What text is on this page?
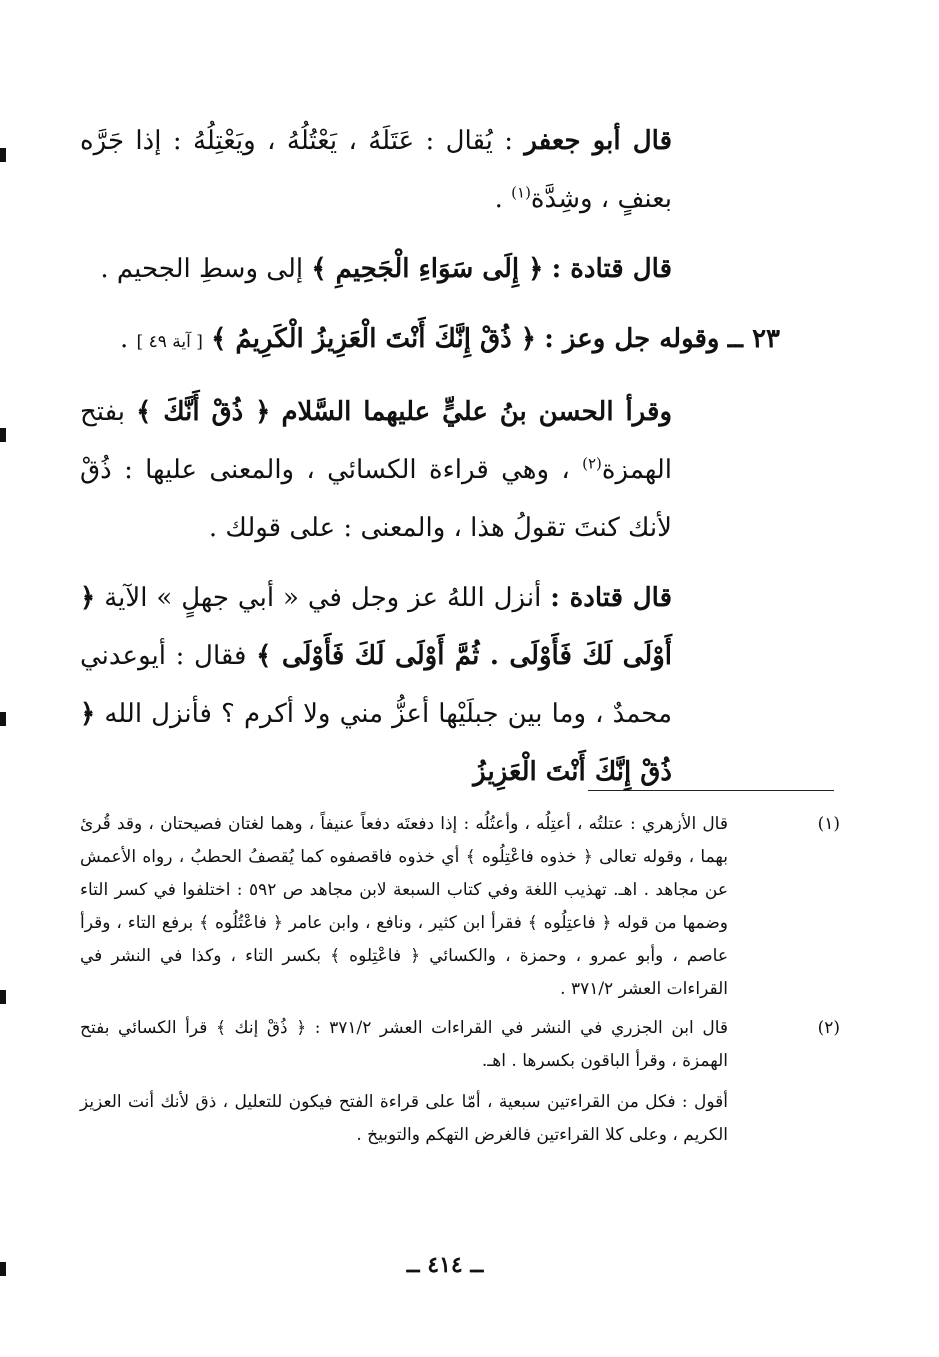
قال أبو جعفر : يُقال : عَتَلَهُ ، يَعْتُلُهُ ، ويَعْتِلُهُ : إذا جَرَّه بعنفٍ ، وشِدَّة$^{(١)}$ .

قال قتادة : ﴿ إِلَى سَوَاءِ الْجَحِيمِ ﴾ إلى وسطِ الجحيم .

٢٣ ــ وقوله جل وعز : ﴿ ذُقْ إِنَّكَ أَنْتَ الْعَزِيزُ الْكَرِيمُ ﴾ [ آية ٤٩ ] .

وقرأ الحسن بنُ عليٍّ عليهما السَّلام ﴿ ذُقْ أَنَّكَ ﴾ بفتح الهمزة$^{(٢)}$ ، وهي قراءة الكسائي ، والمعنى عليها : ذُقْ لأنك كنتَ تقولُ هذا ، والمعنى : على قولك .

قال قتادة : أنزل اللهُ عز وجل في « أبي جهلٍ » الآية ﴿ أَوْلَى لَكَ فَأَوْلَى . ثُمَّ أَوْلَى لَكَ فَأَوْلَى ﴾ فقال : أيوعدني محمدٌ ، وما بين جبلَيْها أعزُّ مني ولا أكرم ؟ فأنزل الله ﴿ ذُقْ إِنَّكَ أَنْتَ الْعَزِيزُ

(١)

قال الأزهري : عتلتُه ، أعتِلُه ، وأعتُلُه : إذا دفعتَه دفعاً عنيفاً ، وهما لغتان فصيحتان ، وقد قُرئ بهما ، وقوله تعالى ﴿ خذوه فاعْتِلُوه ﴾ أي خذوه فاقصفوه كما يُقصفُ الحطبُ ، رواه الأعمش عن مجاهد . اهـ. تهذيب اللغة وفي كتاب السبعة لابن مجاهد ص ٥٩٢ : اختلفوا في كسر التاء وضمها من قوله ﴿ فاعتِلُوه ﴾ فقرأ ابن كثير ، ونافع ، وابن عامر ﴿ فاعْتُلُوه ﴾ برفع التاء ، وقرأ عاصم ، وأبو عمرو ، وحمزة ، والكسائي ﴿ فاعْتِلوه ﴾ بكسر التاء ، وكذا في النشر في القراءات العشر ٣٧١/٢ .

(٢)

قال ابن الجزري في النشر في القراءات العشر ٣٧١/٢ : ﴿ ذُقْ إنك ﴾ قرأ الكسائي بفتح الهمزة ، وقرأ الباقون بكسرها . اهـ.

أقول : فكل من القراءتين سبعية ، أمّا على قراءة الفتح فيكون للتعليل ، ذق لأنك أنت العزيز الكريم ، وعلى كلا القراءتين فالغرض التهكم والتوبيخ .

ــ ٤١٤ ــ
